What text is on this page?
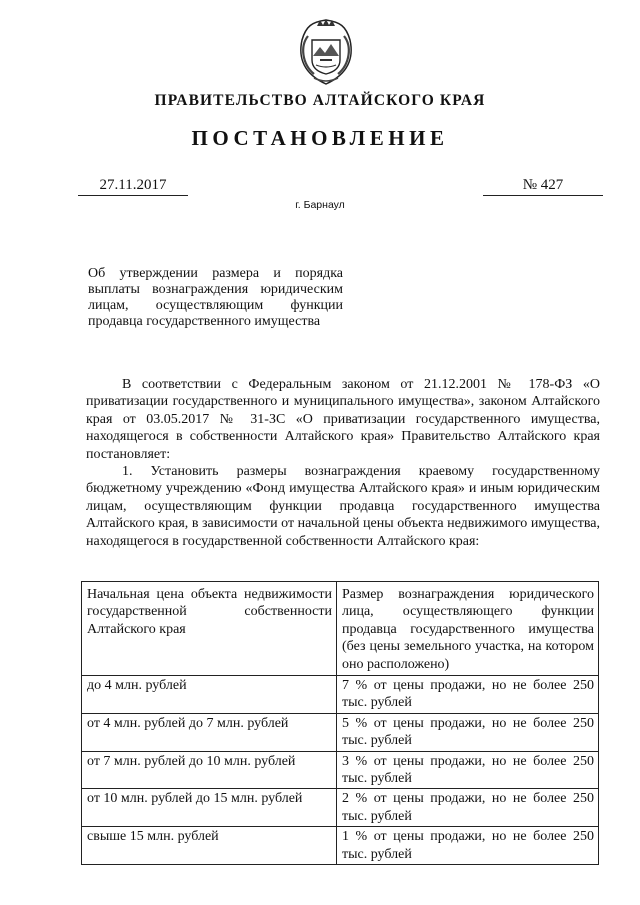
ПРАВИТЕЛЬСТВО АЛТАЙСКОГО КРАЯ
ПОСТАНОВЛЕНИЕ
27.11.2017	№ 427
г. Барнаул
Об утверждении размера и порядка выплаты вознаграждения юридическим лицам, осуществляющим функции продавца государственного имущества

В соответствии с Федеральным законом от 21.12.2001 № 178-ФЗ «О приватизации государственного и муниципального имущества», законом Алтайского края от 03.05.2017 № 31-ЗС «О приватизации государственного имущества, находящегося в собственности Алтайского края» Правительство Алтайского края постановляет:

1. Установить размеры вознаграждения краевому государственному бюджетному учреждению «Фонд имущества Алтайского края» и иным юридическим лицам, осуществляющим функции продавца государственного имущества Алтайского края, в зависимости от начальной цены объекта недвижимого имущества, находящегося в государственной собственности Алтайского края:

Начальная цена объекта недвижимости государственной собственности Алтайского края	Размер вознаграждения юридического лица, осуществляющего функции продавца государственного имущества (без цены земельного участка, на котором оно расположено)
до 4 млн. рублей	7 % от цены продажи, но не более 250 тыс. рублей
от 4 млн. рублей до 7 млн. рублей	5 % от цены продажи, но не более 250 тыс. рублей
от 7 млн. рублей до 10 млн. рублей	3 % от цены продажи, но не более 250 тыс. рублей
от 10 млн. рублей до 15 млн. рублей	2 % от цены продажи, но не более 250 тыс. рублей
свыше 15 млн. рублей	1 % от цены продажи, но не более 250 тыс. рублей
